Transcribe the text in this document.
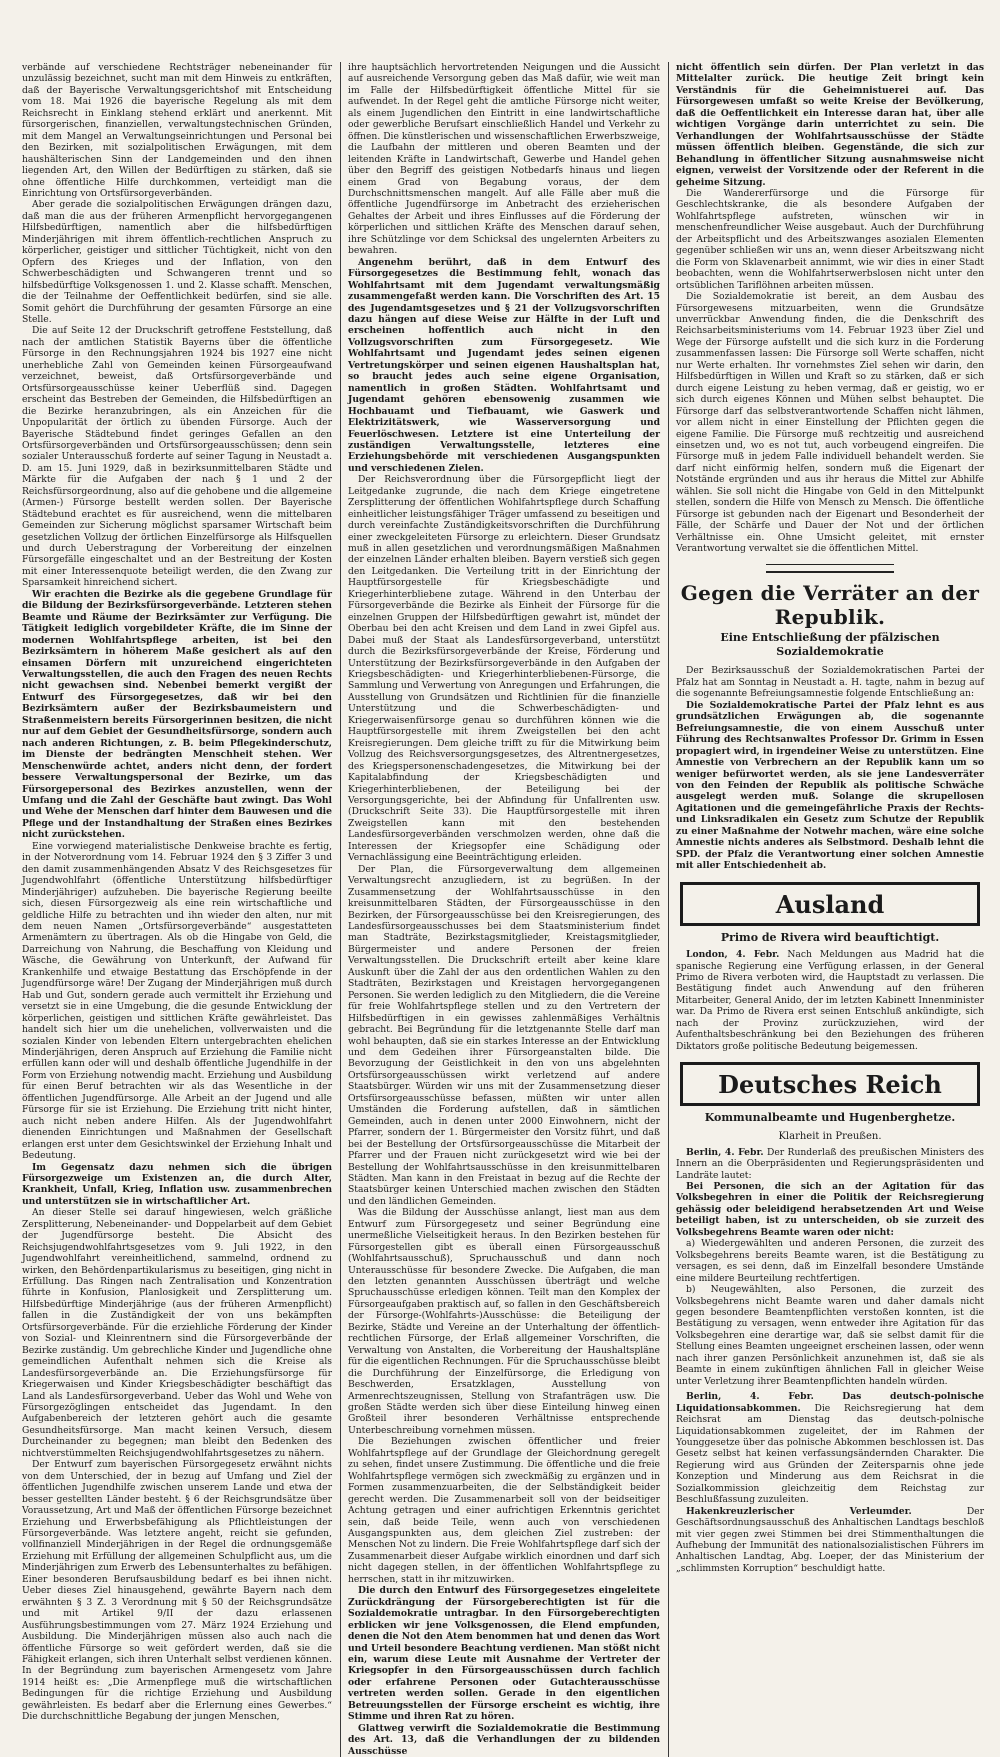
verbände auf verschiedene Rechtsträger nebeneinander für unzulässig bezeichnet, sucht man mit dem Hinweis zu entkräften, daß der Bayerische Verwaltungsgerichtshof mit Entscheidung vom 18. Mai 1926 die bayerische Regelung als mit dem Reichsrecht in Einklang stehend erklärt und anerkennt. Mit fürsorgerischen, finanziellen, verwaltungstechnischen Gründen, mit dem Mangel an Verwaltungseinrichtungen und Personal bei den Bezirken, mit sozialpolitischen Erwägungen, mit dem haushälterischen Sinn der Landgemeinden und den ihnen liegenden Art, den Willen der Bedürftigen zu stärken, daß sie ohne öffentliche Hilfe durchkommen, verteidigt man die Einrichtung von Ortsfürsorgeverbänden.

Aber gerade die sozialpolitischen Erwägungen drängen dazu, daß man die aus der früheren Armenpflicht hervorgegangenen Hilfsbedürftigen, namentlich aber die hilfsbedürftigen Minderjährigen mit ihrem öffentlich-rechtlichen Anspruch zu körperlicher, geistiger und sittlicher Tüchtigkeit, nicht von den Opfern des Krieges und der Inflation, von den Schwerbeschädigten und Schwangeren trennt und so hilfsbedürftige Volksgenossen 1. und 2. Klasse schafft. Menschen, die der Teilnahme der Oeffentlichkeit bedürfen, sind sie alle. Somit gehört die Durchführung der gesamten Fürsorge an eine Stelle.

Die auf Seite 12 der Druckschrift getroffene Feststellung, daß nach der amtlichen Statistik Bayerns über die öffentliche Fürsorge in den Rechnungsjahren 1924 bis 1927 eine nicht unerhebliche Zahl von Gemeinden keinen Fürsorgeaufwand verzeichnet, beweist, daß Ortsfürsorgeverbände und Ortsfürsorgeausschüsse keiner Ueberflüß sind. Dagegen erscheint das Bestreben der Gemeinden, die Hilfsbedürftigen an die Bezirke heranzubringen, als ein Anzeichen für die Unpopularität der örtlich zu übenden Fürsorge. Auch der Bayerische Städtebund findet geringes Gefallen an den Ortsfürsorgeverbänden und Ortsfürsorgeausschüssen; denn sein sozialer Unterausschuß forderte auf seiner Tagung in Neustadt a. D. am 15. Juni 1929, daß in bezirksunmittelbaren Städte und Märkte für die Aufgaben der nach § 1 und 2 der Reichsfürsorgeordnung, also auf die gehobene und die allgemeine (Armen-) Fürsorge bestellt werden sollen. Der Bayerische Städtebund erachtet es für ausreichend, wenn die mittelbaren Gemeinden zur Sicherung möglichst sparsamer Wirtschaft beim gesetzlichen Vollzug der örtlichen Einzelfürsorge als Hilfsquellen und durch Ueberstragung der Vorbereitung der einzelnen Fürsorgefälle eingeschaltet und an der Bestreitung der Kosten mit einer Interessenquote beteiligt werden, die den Zwang zur Sparsamkeit hinreichend sichert.

Wir erachten die Bezirke als die gegebene Grundlage für die Bildung der Bezirksfürsorgeverbände. Letzteren stehen Beamte und Räume der Bezirksämter zur Verfügung. Die Tätigkeit lediglich vorgebildeter Kräfte, die im Sinne der modernen Wohlfahrtspflege arbeiten, ist bei den Bezirksämtern in höherem Maße gesichert als auf den einsamen Dörfern mit unzureichend eingerichteten Verwaltungsstellen, die auch den Fragen des neuen Rechts nicht gewachsen sind. Nebenbei bemerkt vergißt der Entwurf des Fürsorgegesetzes, daß wir bei den Bezirksämtern außer der Bezirksbaumeistern und Straßenmeistern bereits Fürsorgerinnen besitzen, die nicht nur auf dem Gebiet der Gesundheitsfürsorge, sondern auch nach anderen Richtungen, z. B. beim Pflegekinderschutz, im Dienste der bedrängten Menschheit stehen. Wer Menschenwürde achtet, anders nicht denn, der fordert bessere Verwaltungspersonal der Bezirke, um das Fürsorgepersonal des Bezirkes anzustellen, wenn der Umfang und die Zahl der Geschäfte baut zwingt. Das Wohl und Wehe der Menschen darf hinter dem Bauwesen und die Pflege und der Instandhaltung der Straßen eines Bezirkes nicht zurückstehen.

Eine vorwiegend materialistische Denkweise brachte es fertig, in der Notverordnung vom 14. Februar 1924 den § 3 Ziffer 3 und den damit zusammenhängenden Absatz V des Reichsgesetzes für Jugendwohlfahrt (öffentliche Unterstützung hilfsbedürftiger Minderjähriger) aufzuheben. Die bayerische Regierung beeilte sich, diesen Fürsorgezweig als eine rein wirtschaftliche und geldliche Hilfe zu betrachten und ihn wieder den alten, nur mit dem neuen Namen „Ortsfürsorgeverbände“ ausgestatteten Armenämtern zu übertragen. Als ob die Hingabe von Geld, die Darreichung von Nahrung, die Beschaffung von Kleidung und Wäsche, die Gewährung von Unterkunft, der Aufwand für Krankenhilfe und etwaige Bestattung das Erschöpfende in der Jugendfürsorge wäre! Der Zugang der Minderjährigen muß durch Hab und Gut, sondern gerade auch vermittelt ihr Erziehung und versetzt sie in eine Umgebung, die die gesunde Entwicklung der körperlichen, geistigen und sittlichen Kräfte gewährleistet. Das handelt sich hier um die unehelichen, vollverwaisten und die sozialen Kinder von lebenden Eltern untergebrachten ehelichen Minderjährigen, deren Anspruch auf Erziehung die Familie nicht erfüllen kann oder will und deshalb öffentliche Jugendhilfe in der Form von Erziehung notwendig macht. Erziehung und Ausbildung für einen Beruf betrachten wir als das Wesentliche in der öffentlichen Jugendfürsorge. Alle Arbeit an der Jugend und alle Fürsorge für sie ist Erziehung. Die Erziehung tritt nicht hinter, auch nicht neben andere Hilfen. Als der Jugendwohlfahrt dienenden Einrichtungen und Maßnahmen der Gesellschaft erlangen erst unter dem Gesichtswinkel der Erziehung Inhalt und Bedeutung.

Im Gegensatz dazu nehmen sich die übrigen Fürsorgezweige um Existenzen an, die durch Alter, Krankheit, Unfall, Krieg, Inflation usw. zusammenbrechen und unterstützen sie in wirtschaftlicher Art.

An dieser Stelle sei darauf hingewiesen, welch gräßliche Zersplitterung, Nebeneinander- und Doppelarbeit auf dem Gebiet der Jugendfürsorge besteht. Die Absicht des Reichsjugendwohlfahrtsgesetzes vom 9. Juli 1922, in den Jugendwohlfahrt vereinheitlichend, sammelnd, ordnend zu wirken, den Behördenpartikularismus zu beseitigen, ging nicht in Erfüllung. Das Ringen nach Zentralisation und Konzentration führte in Konfusion, Planlosigkeit und Zersplitterung um. Hilfsbedürftige Minderjährige (aus der früheren Armenpflicht) fallen in die Zuständigkeit der von uns bekämpften Ortsfürsorgeverbände. Für die erziehliche Förderung der Kinder von Sozial- und Kleinrentnern sind die Fürsorgeverbände der Bezirke zuständig. Um gebrechliche Kinder und Jugendliche ohne gemeindlichen Aufenthalt nehmen sich die Kreise als Landesfürsorgeverbände an. Die Erziehungsfürsorge für Kriegerwaisen und Kinder Kriegsbeschädigter beschäftigt das Land als Landesfürsorgeverband. Ueber das Wohl und Wehe von Fürsorgezöglingen entscheidet das Jugendamt. In den Aufgabenbereich der letzteren gehört auch die gesamte Gesundheitsfürsorge. Man macht keinen Versuch, diesem Durcheinander zu begegnen; man bleibt den Bedenken des nichtverstümmelten Reichsjugendwohlfahrtsgesetzes zu nähern.

Der Entwurf zum bayerischen Fürsorgegesetz erwähnt nichts von dem Unterschied, der in bezug auf Umfang und Ziel der öffentlichen Jugendhilfe zwischen unserem Lande und etwa der besser gestellten Länder besteht. § 6 der Reichsgrundsätze über Voraussetzung, Art und Maß der öffentlichen Fürsorge bezeichnet Erziehung und Erwerbsbefähigung als Pflichtleistungen der Fürsorgeverbände. Was letztere angeht, reicht sie gefunden, vollfinanziell Minderjährigen in der Regel die ordnungsgemäße Erziehung mit Erfüllung der allgemeinen Schulpflicht aus, um die Minderjährigen zum Erwerb des Lebensunterhaltes zu befähigen. Einer besonderen Berufsausbildung bedarf es bei ihnen nicht. Ueber dieses Ziel hinausgehend, gewährte Bayern nach dem erwähnten § 3 Z. 3 Verordnung mit § 50 der Reichsgrundsätze und mit Artikel 9/II der dazu erlassenen Ausführungsbestimmungen vom 27. März 1924 Erziehung und Ausbildung. Die Minderjährigen müssen also auch nach die öffentliche Fürsorge so weit gefördert werden, daß sie die Fähigkeit erlangen, sich ihren Unterhalt selbst verdienen können. In der Begründung zum bayerischen Armengesetz vom Jahre 1914 heißt es: „Die Armenpflege muß die wirtschaftlichen Bedingungen für die richtige Erziehung und Ausbildung gewährleisten. Es bedarf aber die Erlernung eines Gewerbes.“ Die durchschnittliche Begabung der jungen Menschen,

ihre hauptsächlich hervortretenden Neigungen und die Aussicht auf ausreichende Versorgung geben das Maß dafür, wie weit man im Falle der Hilfsbedürftigkeit öffentliche Mittel für sie aufwendet. In der Regel geht die amtliche Fürsorge nicht weiter, als einem Jugendlichen den Eintritt in eine landwirtschaftliche oder gewerbliche Berufsart einschließlich Handel und Verkehr zu öffnen. Die künstlerischen und wissenschaftlichen Erwerbszweige, die Laufbahn der mittleren und oberen Beamten und der leitenden Kräfte in Landwirtschaft, Gewerbe und Handel gehen über den Begriff des geistigen Notbedarfs hinaus und liegen einem Grad von Begabung voraus, der dem Durchschnittsmenschen mangelt. Auf alle Fälle aber muß die öffentliche Jugendfürsorge im Anbetracht des erzieherischen Gehaltes der Arbeit und ihres Einflusses auf die Förderung der körperlichen und sittlichen Kräfte des Menschen darauf sehen, ihre Schützlinge vor dem Schicksal des ungelernten Arbeiters zu bewahren.

Angenehm berührt, daß in dem Entwurf des Fürsorgegesetzes die Bestimmung fehlt, wonach das Wohlfahrtsamt mit dem Jugendamt verwaltungsmäßig zusammengefaßt werden kann. Die Vorschriften des Art. 15 des Jugendamtsgesetzes und § 21 der Vollzugsvorschriften dazu hängen auf diese Weise zur Hälfte in der Luft und erscheinen hoffentlich auch nicht in den Vollzugsvorschriften zum Fürsorgegesetz. Wie Wohlfahrtsamt und Jugendamt jedes seinen eigenen Vertretungskörper und seinen eigenen Haushaltsplan hat, so braucht jedes auch seine eigene Organisation, namentlich in großen Städten. Wohlfahrtsamt und Jugendamt gehören ebensowenig zusammen wie Hochbauamt und Tiefbauamt, wie Gaswerk und Elektrizitätswerk, wie Wasserversorgung und Feuerlöschwesen. Letztere ist eine Unterteilung der zuständigen Verwaltungsstelle, letzteres eine Erziehungsbehörde mit verschiedenen Ausgangspunkten und verschiedenen Zielen.

Der Reichsverordnung über die Fürsorgepflicht liegt der Leitgedanke zugrunde, die nach dem Kriege eingetretene Zersplitterung der öffentlichen Wohlfahrtspflege durch Schaffung einheitlicher leistungsfähiger Träger umfassend zu beseitigen und durch vereinfachte Zuständigkeitsvorschriften die Durchführung einer zweckgeleiteten Fürsorge zu erleichtern. Dieser Grundsatz muß in allen gesetzlichen und verordnungsmäßigen Maßnahmen der einzelnen Länder erhalten bleiben. Bayern verstieß sich gegen den Leitgedanken. Die Verteilung tritt in der Einrichtung der Hauptfürsorgestelle für Kriegsbeschädigte und Kriegerhinterbliebene zutage. Während in den Unterbau der Fürsorgeverbände die Bezirke als Einheit der Fürsorge für die einzelnen Gruppen der Hilfsbedürftigen gewahrt ist, mündet der Oberbau bei den acht Kreisen und dem Land in zwei Gipfel aus. Dabei muß der Staat als Landesfürsorgeverband, unterstützt durch die Bezirksfürsorgeverbände der Kreise, Förderung und Unterstützung der Bezirksfürsorgeverbände in den Aufgaben der Kriegsbeschädigten- und Kriegerhinterbliebenen-Fürsorge, die Sammlung und Verwertung von Anregungen und Erfahrungen, die Ausstellung von Grundsätzen und Richtlinien für die finanzielle Unterstützung und die Schwerbeschädigten- und Kriegerwaisenfürsorge genau so durchführen können wie die Hauptfürsorgestelle mit ihrem Zweigstellen bei den acht Kreisregierungen. Dem gleiche trifft zu für die Mitwirkung beim Vollzug des Reichsversorgungsgesetzes, des Altrentnergesetzes, des Kriegspersonenschadengesetzes, die Mitwirkung bei der Kapitalabfindung der Kriegsbeschädigten und Kriegerhinterbliebenen, der Beteiligung bei der Versorgungsgerichte, bei der Abfindung für Unfallrenten usw. (Druckschrift Seite 33). Die Hauptfürsorgestelle mit ihren Zweigstellen kann mit den bestehenden Landesfürsorgeverbänden verschmolzen werden, ohne daß die Interessen der Kriegsopfer eine Schädigung oder Vernachlässigung eine Beeinträchtigung erleiden.

Der Plan, die Fürsorgeverwaltung dem allgemeinen Verwaltungsrecht anzugliedern, ist zu begrüßen. In der Zusammensetzung der Wohlfahrtsausschüsse in den kreisunmittelbaren Städten, der Fürsorgeausschüsse in den Bezirken, der Fürsorgeausschüsse bei den Kreisregierungen, des Landesfürsorgeausschusses bei dem Staatsministerium findet man Stadträte, Bezirkstagsmitglieder, Kreistagsmitglieder, Bürgermeister und andere Personen der freien Verwaltungsstellen. Die Druckschrift erteilt aber keine klare Auskunft über die Zahl der aus den ordentlichen Wahlen zu den Stadträten, Bezirkstagen und Kreistagen hervorgegangenen Personen. Sie werden lediglich zu den Mitgliedern, die die Vereine für freie Wohlfahrtspflege stellen und zu den Vertretern der Hilfsbedürftigen in ein gewisses zahlenmäßiges Verhältnis gebracht. Bei Begründung für die letztgenannte Stelle darf man wohl behaupten, daß sie ein starkes Interesse an der Entwicklung und dem Gedeihen ihrer Fürsorgeanstalten bilde. Die Bevorzugung der Geistlichkeit in den von uns abgelehnten Ortsfürsorgeausschüssen wirkt verletzend auf andere Staatsbürger. Würden wir uns mit der Zusammensetzung dieser Ortsfürsorgeausschüsse befassen, müßten wir unter allen Umständen die Forderung aufstellen, daß in sämtlichen Gemeinden, auch in denen unter 2000 Einwohnern, nicht der Pfarrer, sondern der 1. Bürgermeister den Vorsitz führt, und daß bei der Bestellung der Ortsfürsorgeausschüsse die Mitarbeit der Pfarrer und der Frauen nicht zurückgesetzt wird wie bei der Bestellung der Wohlfahrtsausschüsse in den kreisunmittelbaren Städten. Man kann in den Freistaat in bezug auf die Rechte der Staatsbürger keinen Unterschied machen zwischen den Städten und den ländlichen Gemeinden.

Was die Bildung der Ausschüsse anlangt, liest man aus dem Entwurf zum Fürsorgegesetz und seiner Begründung eine unermeßliche Vielseitigkeit heraus. In den Bezirken bestehen für Fürsorgestellen gibt es überall einen Fürsorgeausschuß (Wohlfahrtsausschuß), Spruchausschuß und dann noch Unterausschüsse für besondere Zwecke. Die Aufgaben, die man den letzten genannten Ausschüssen überträgt und welche Spruchausschüsse erledigen können. Teilt man den Komplex der Fürsorgeaufgaben praktisch auf, so fallen in den Geschäftsbereich der Fürsorge-(Wohlfahrts-)Ausschüsse: die Beteiligung der Bezirke, Städte und Vereine an der Unterhaltung der öffentlich-rechtlichen Fürsorge, der Erlaß allgemeiner Vorschriften, die Verwaltung von Anstalten, die Vorbereitung der Haushaltspläne für die eigentlichen Rechnungen. Für die Spruchausschüsse bleibt die Durchführung der Einzelfürsorge, die Erledigung von Beschwerden, Ersatzklagen, Ausstellung von Armenrechtszeugnissen, Stellung von Strafanträgen usw. Die großen Städte werden sich über diese Einteilung hinweg einen Großteil ihrer besonderen Verhältnisse entsprechende Unterbeschreibung vornehmen müssen.

Die Beziehungen zwischen öffentlicher und freier Wohlfahrtspflege auf der Grundlage der Gleichordnung geregelt zu sehen, findet unsere Zustimmung. Die öffentliche und die freie Wohlfahrtspflege vermögen sich zweckmäßig zu ergänzen und in Formen zusammenzuarbeiten, die der Selbständigkeit beider gerecht werden. Die Zusammenarbeit soll von der beidseitiger Achtung getragen und einer aufrichtigen Erkenntnis gerichtet sein, daß beide Teile, wenn auch von verschiedenen Ausgangspunkten aus, dem gleichen Ziel zustreben: der Menschen Not zu lindern. Die Freie Wohlfahrtspflege darf sich der Zusammenarbeit dieser Aufgabe wirklich einordnen und darf sich nicht dagegen stellen, in der öffentlichen Wohlfahrtspflege zu herrschen, statt in ihr mitzuwirken.

Die durch den Entwurf des Fürsorgegesetzes eingeleitete Zurückdrängung der Fürsorgeberechtigten ist für die Sozialdemokratie untragbar. In den Fürsorgeberechtigten erblicken wir jene Volksgenossen, die Elend empfunden, denen die Not den Atem benommen hat und denen das Wort und Urteil besondere Beachtung verdienen. Man stößt nicht ein, warum diese Leute mit Ausnahme der Vertreter der Kriegsopfer in den Fürsorgeausschüssen durch fachlich oder erfahrene Personen oder Gutachterausschüsse vertreten werden sollen. Gerade in den eigentlichen Betreuungsstellen der Fürsorge erscheint es wichtig, ihre Stimme und ihren Rat zu hören.

Glattweg verwirft die Sozialdemokratie die Bestimmung des Art. 13, daß die Verhandlungen der zu bildenden Ausschüsse

nicht öffentlich sein dürfen. Der Plan verletzt in das Mittelalter zurück. Die heutige Zeit bringt kein Verständnis für die Geheimnistuerei auf. Das Fürsorgewesen umfaßt so weite Kreise der Bevölkerung, daß die Oeffentlichkeit ein Interesse daran hat, über alle wichtigen Vorgänge darin unterrichtet zu sein. Die Verhandlungen der Wohlfahrtsausschüsse der Städte müssen öffentlich bleiben. Gegenstände, die sich zur Behandlung in öffentlicher Sitzung ausnahmsweise nicht eignen, verweist der Vorsitzende oder der Referent in die geheime Sitzung.

Die Wandererfürsorge und die Fürsorge für Geschlechtskranke, die als besondere Aufgaben der Wohlfahrtspflege aufstreten, wünschen wir in menschenfreundlicher Weise ausgebaut. Auch der Durchführung der Arbeitspflicht und des Arbeitszwanges asozialen Elementen gegenüber schließen wir uns an, wenn dieser Arbeitszwang nicht die Form von Sklavenarbeit annimmt, wie wir dies in einer Stadt beobachten, wenn die Wohlfahrtserwerbslosen nicht unter den ortsüblichen Tariflöhnen arbeiten müssen.

Die Sozialdemokratie ist bereit, an dem Ausbau des Fürsorgewesens mitzuarbeiten, wenn die Grundsätze unverrückbar Anwendung finden, die die Denkschrift des Reichsarbeitsministeriums vom 14. Februar 1923 über Ziel und Wege der Fürsorge aufstellt und die sich kurz in die Forderung zusammenfassen lassen: Die Fürsorge soll Werte schaffen, nicht nur Werte erhalten. Ihr vornehmstes Ziel sehen wir darin, den Hilfsbedürftigen in Willen und Kraft so zu stärken, daß er sich durch eigene Leistung zu heben vermag, daß er geistig, wo er sich durch eigenes Können und Mühen selbst behauptet. Die Fürsorge darf das selbstverantwortende Schaffen nicht lähmen, vor allem nicht in einer Einstellung der Pflichten gegen die eigene Familie. Die Fürsorge muß rechtzeitig und ausreichend einsetzen und, wo es not tut, auch vorbeugend eingreifen. Die Fürsorge muß in jedem Falle individuell behandelt werden. Sie darf nicht einförmig helfen, sondern muß die Eigenart der Notstände ergründen und aus ihr heraus die Mittel zur Abhilfe wählen. Sie soll nicht die Hingabe von Geld in den Mittelpunkt stellen, sondern die Hilfe von Mensch zu Mensch. Die öffentliche Fürsorge ist gebunden nach der Eigenart und Besonderheit der Fälle, der Schärfe und Dauer der Not und der örtlichen Verhältnisse ein. Ohne Umsicht geleitet, mit ernster Verantwortung verwaltet sie die öffentlichen Mittel.

Gegen die Verräter an der Republik.
Eine Entschließung der pfälzischen Sozialdemokratie

Der Bezirksausschuß der Sozialdemokratischen Partei der Pfalz hat am Sonntag in Neustadt a. H. tagte, nahm in bezug auf die sogenannte Befreiungsamnestie folgende Entschließung an:

Die Sozialdemokratische Partei der Pfalz lehnt es aus grundsätzlichen Erwägungen ab, die sogenannte Befreiungsamnestie, die von einem Ausschuß unter Führung des Rechtsanwaltes Professor Dr. Grimm in Essen propagiert wird, in irgendeiner Weise zu unterstützen. Eine Amnestie von Verbrechern an der Republik kann um so weniger befürwortet werden, als sie jene Landesverräter von den Feinden der Republik als politische Schwäche ausgelegt werden muß. Solange die skrupellosen Agitationen und die gemeingefährliche Praxis der Rechts- und Linksradikalen ein Gesetz zum Schutze der Republik zu einer Maßnahme der Notwehr machen, wäre eine solche Amnestie nichts anderes als Selbstmord. Deshalb lehnt die SPD. der Pfalz die Verantwortung einer solchen Amnestie mit aller Entschiedenheit ab.

Ausland
Primo de Rivera wird beauftichtigt.

London, 4. Febr. Nach Meldungen aus Madrid hat die spanische Regierung eine Verfügung erlassen, in der General Primo de Rivera verboten wird, die Hauptstadt zu verlassen. Die Bestätigung findet auch Anwendung auf den früheren Mitarbeiter, General Anido, der im letzten Kabinett Innenminister war. Da Primo de Rivera erst seinen Entschluß ankündigte, sich nach der Provinz zurückzuziehen, wird der Aufenthaltsbeschränkung bei den Beziehungen des früheren Diktators große politische Bedeutung beigemessen.

Deutsches Reich
Kommunalbeamte und Hugenberghetze.
Klarheit in Preußen.

Berlin, 4. Febr. Der Runderlaß des preußischen Ministers des Innern an die Oberpräsidenten und Regierungspräsidenten und Landräte lautet:

Bei Personen, die sich an der Agitation für das Volksbegehren in einer die Politik der Reichsregierung gehässig oder beleidigend herabsetzenden Art und Weise beteiligt haben, ist zu unterscheiden, ob sie zurzeit des Volksbegehrens Beamte waren oder nicht:

a) Wiedergewählten und anderen Personen, die zurzeit des Volksbegehrens bereits Beamte waren, ist die Bestätigung zu versagen, es sei denn, daß im Einzelfall besondere Umstände eine mildere Beurteilung rechtfertigen.

b) Neugewählten, also Personen, die zurzeit des Volksbegehrens nicht Beamte waren und daher damals nicht gegen besondere Beamtenpflichten verstoßen konnten, ist die Bestätigung zu versagen, wenn entweder ihre Agitation für das Volksbegehren eine derartige war, daß sie selbst damit für die Stellung eines Beamten ungeeignet erscheinen lassen, oder wenn nach ihrer ganzen Persönlichkeit anzunehmen ist, daß sie als Beamte in einem zukünftigen ähnlichen Fall in gleicher Weise unter Verletzung ihrer Beamtenpflichten handeln würden.

Berlin, 4. Febr.	Das deutsch-polnische Liquidationsabkommen. Die Reichsregierung hat dem Reichsrat am Dienstag das deutsch-polnische Liquidationsabkommen zugeleitet, der im Rahmen der Younggesetze über das polnische Abkommen beschlossen ist. Das Gesetz selbst hat keinen verfassungsändernden Charakter. Die Regierung wird aus Gründen der Zeitersparnis ohne jede Konzeption und Minderung aus dem Reichsrat in die Sozialkommission gleichzeitig dem Reichstag zur Beschlußfassung zuzuleiten.

Hakenkreuzlerischer Verleumder.	Der Geschäftsordnungsausschuß des Anhaltischen Landtags beschloß mit vier gegen zwei Stimmen bei drei Stimmenthaltungen die Aufhebung der Immunität des nationalsozialistischen Führers im Anhaltischen Landtag, Abg. Loeper, der das Ministerium der „schlimmsten Korruption“ beschuldigt hatte.
